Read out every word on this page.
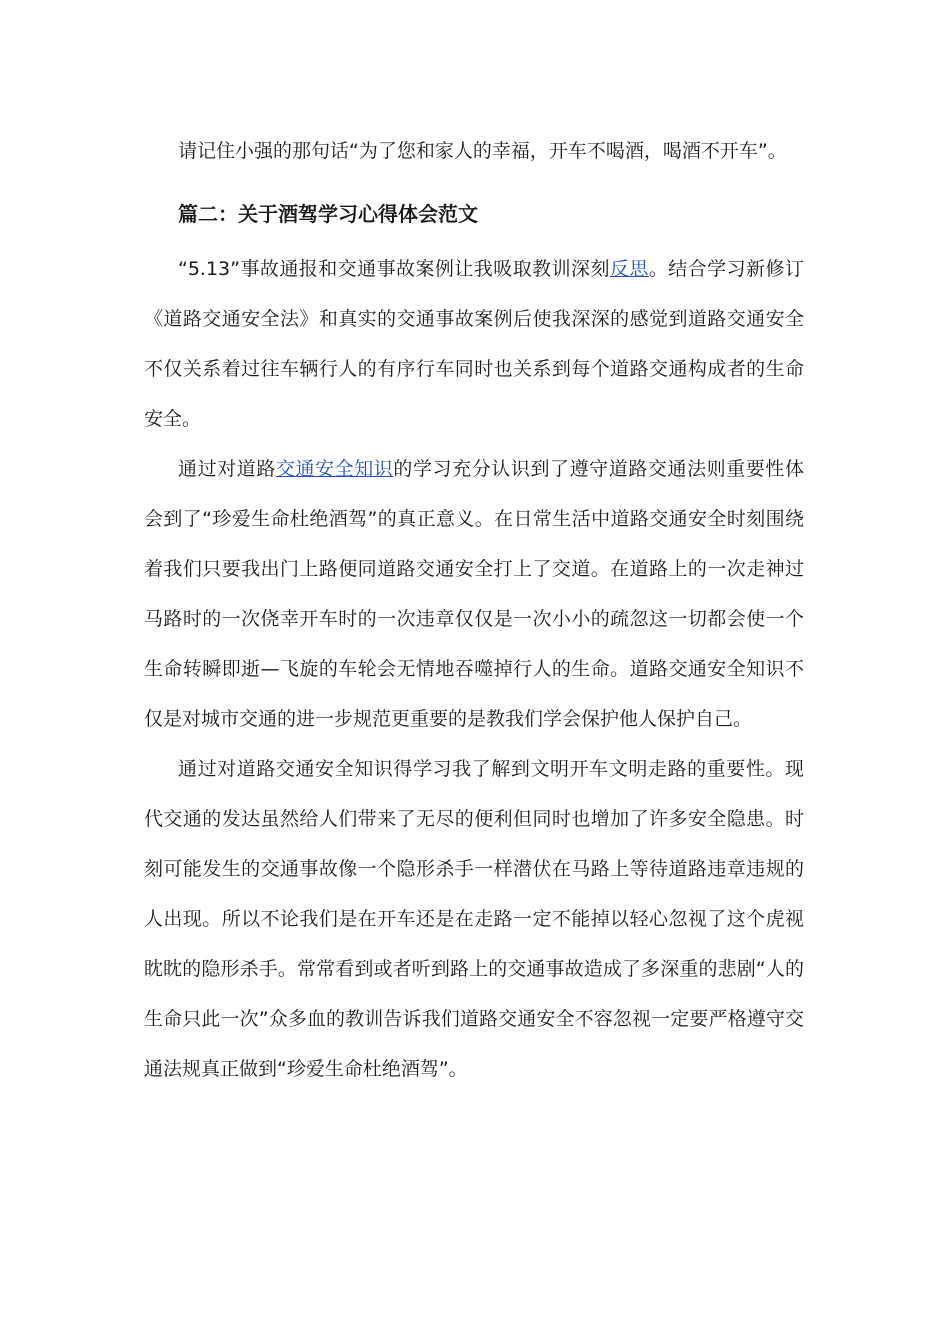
请记住小强的那句话“为了您和家人的幸福，开车不喝酒，喝酒不开车”。

篇二：关于酒驾学习心得体会范文

“5.13”事故通报和交通事故案例让我吸取教训深刻反思。结合学习新修订《道路交通安全法》和真实的交通事故案例后使我深深的感觉到道路交通安全不仅关系着过往车辆行人的有序行车同时也关系到每个道路交通构成者的生命安全。

通过对道路交通安全知识的学习充分认识到了遵守道路交通法则重要性体会到了“珍爱生命杜绝酒驾”的真正意义。在日常生活中道路交通安全时刻围绕着我们只要我出门上路便同道路交通安全打上了交道。在道路上的一次走神过马路时的一次侥幸开车时的一次违章仅仅是一次小小的疏忽这一切都会使一个生命转瞬即逝—飞旋的车轮会无情地吞噬掉行人的生命。道路交通安全知识不仅是对城市交通的进一步规范更重要的是教我们学会保护他人保护自己。

通过对道路交通安全知识得学习我了解到文明开车文明走路的重要性。现代交通的发达虽然给人们带来了无尽的便利但同时也增加了许多安全隐患。时刻可能发生的交通事故像一个隐形杀手一样潜伏在马路上等待道路违章违规的人出现。所以不论我们是在开车还是在走路一定不能掉以轻心忽视了这个虎视眈眈的隐形杀手。常常看到或者听到路上的交通事故造成了多深重的悲剧“人的生命只此一次”众多血的教训告诉我们道路交通安全不容忽视一定要严格遵守交通法规真正做到“珍爱生命杜绝酒驾”。
